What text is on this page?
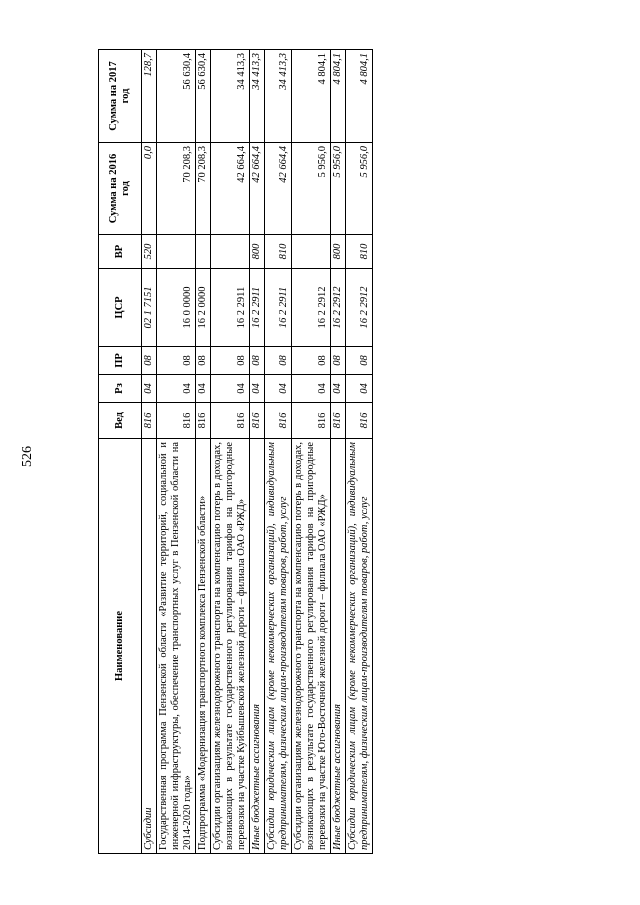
526
Наименование	Вед	Рз	ПР	ЦСР	ВР	Сумма на 2016 год	Сумма на 2017 год
Субсидии	816	04	08	02 1 7151	520	0,0	128,7
Государственная программа Пензенской области «Развитие территорий, социальной и инженерной инфраструктуры, обеспечение транспортных услуг в Пензенской области на 2014-2020 годы»	816	04	08	16 0 0000		70 208,3	56 630,4
Подпрограмма «Модернизация транспортного комплекса Пензенской области»	816	04	08	16 2 0000		70 208,3	56 630,4
Субсидии организациям железнодорожного транспорта на компенсацию потерь в доходах, возникающих в результате государственного регулирования тарифов на пригородные перевозки на участке Куйбышевской железной дороги – филиала ОАО «РЖД»	816	04	08	16 2 2911		42 664,4	34 413,3
Иные бюджетные ассигнования	816	04	08	16 2 2911	800	42 664,4	34 413,3
Субсидии юридическим лицам (кроме некоммерческих организаций), индивидуальным предпринимателям, физическим лицам-производителям товаров, работ, услуг	816	04	08	16 2 2911	810	42 664,4	34 413,3
Субсидии организациям железнодорожного транспорта на компенсацию потерь в доходах, возникающих в результате государственного регулирования тарифов на пригородные перевозки на участке Юго-Восточной железной дороги – филиала ОАО «РЖД»	816	04	08	16 2 2912		5 956,0	4 804,1
Иные бюджетные ассигнования	816	04	08	16 2 2912	800	5 956,0	4 804,1
Субсидии юридическим лицам (кроме некоммерческих организаций), индивидуальным предпринимателям, физическим лицам-производителям товаров, работ, услуг	816	04	08	16 2 2912	810	5 956,0	4 804,1
